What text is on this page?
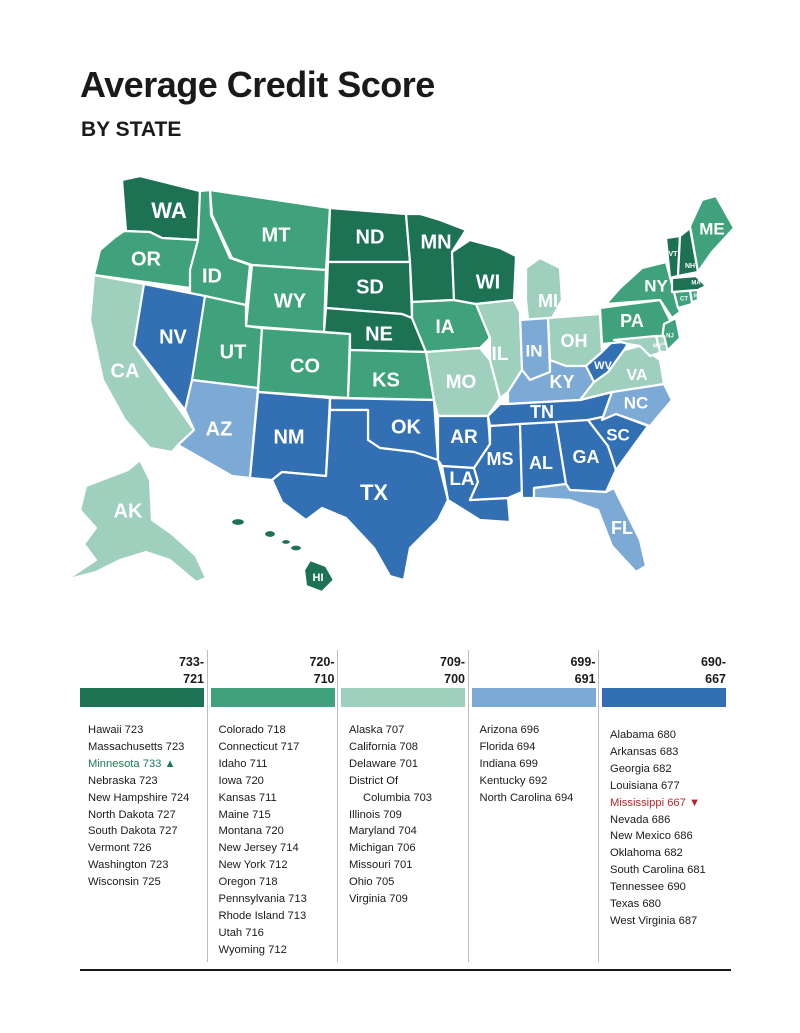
Average Credit Score
BY STATE
WA
OR
CA
ID
NV
MT
WY
UT
CO
AZ NM
ND
SD
NE
KS
OK
TX
MN
IA
MO
AR
LA
WI
IL
MI
IN
OH
KY
TN
MS AL GA
FL
SC
NC
VA
WV
PA
NY
ME
VT
NH
MA
CT
RI
NJ
MD DE
AK
HI
733-
721
Hawaii 723
Massachusetts 723
Minnesota 733 ▲
Nebraska 723
New Hampshire 724
North Dakota 727
South Dakota 727
Vermont 726
Washington 723
Wisconsin 725
720-
710
Colorado 718
Connecticut 717
Idaho 711
Iowa 720
Kansas 711
Maine 715
Montana 720
New Jersey 714
New York 712
Oregon 718
Pennsylvania 713
Rhode Island 713
Utah 716
Wyoming 712
709-
700
Alaska 707
California 708
Delaware 701
District Of
Columbia 703
Illinois 709
Maryland 704
Michigan 706
Missouri 701
Ohio 705
Virginia 709
699-
691
Arizona 696
Florida 694
Indiana 699
Kentucky 692
North Carolina 694
690-
667
Alabama 680
Arkansas 683
Georgia 682
Louisiana 677
Mississippi 667 ▼
Nevada 686
New Mexico 686
Oklahoma 682
South Carolina 681
Tennessee 690
Texas 680
West Virginia 687
